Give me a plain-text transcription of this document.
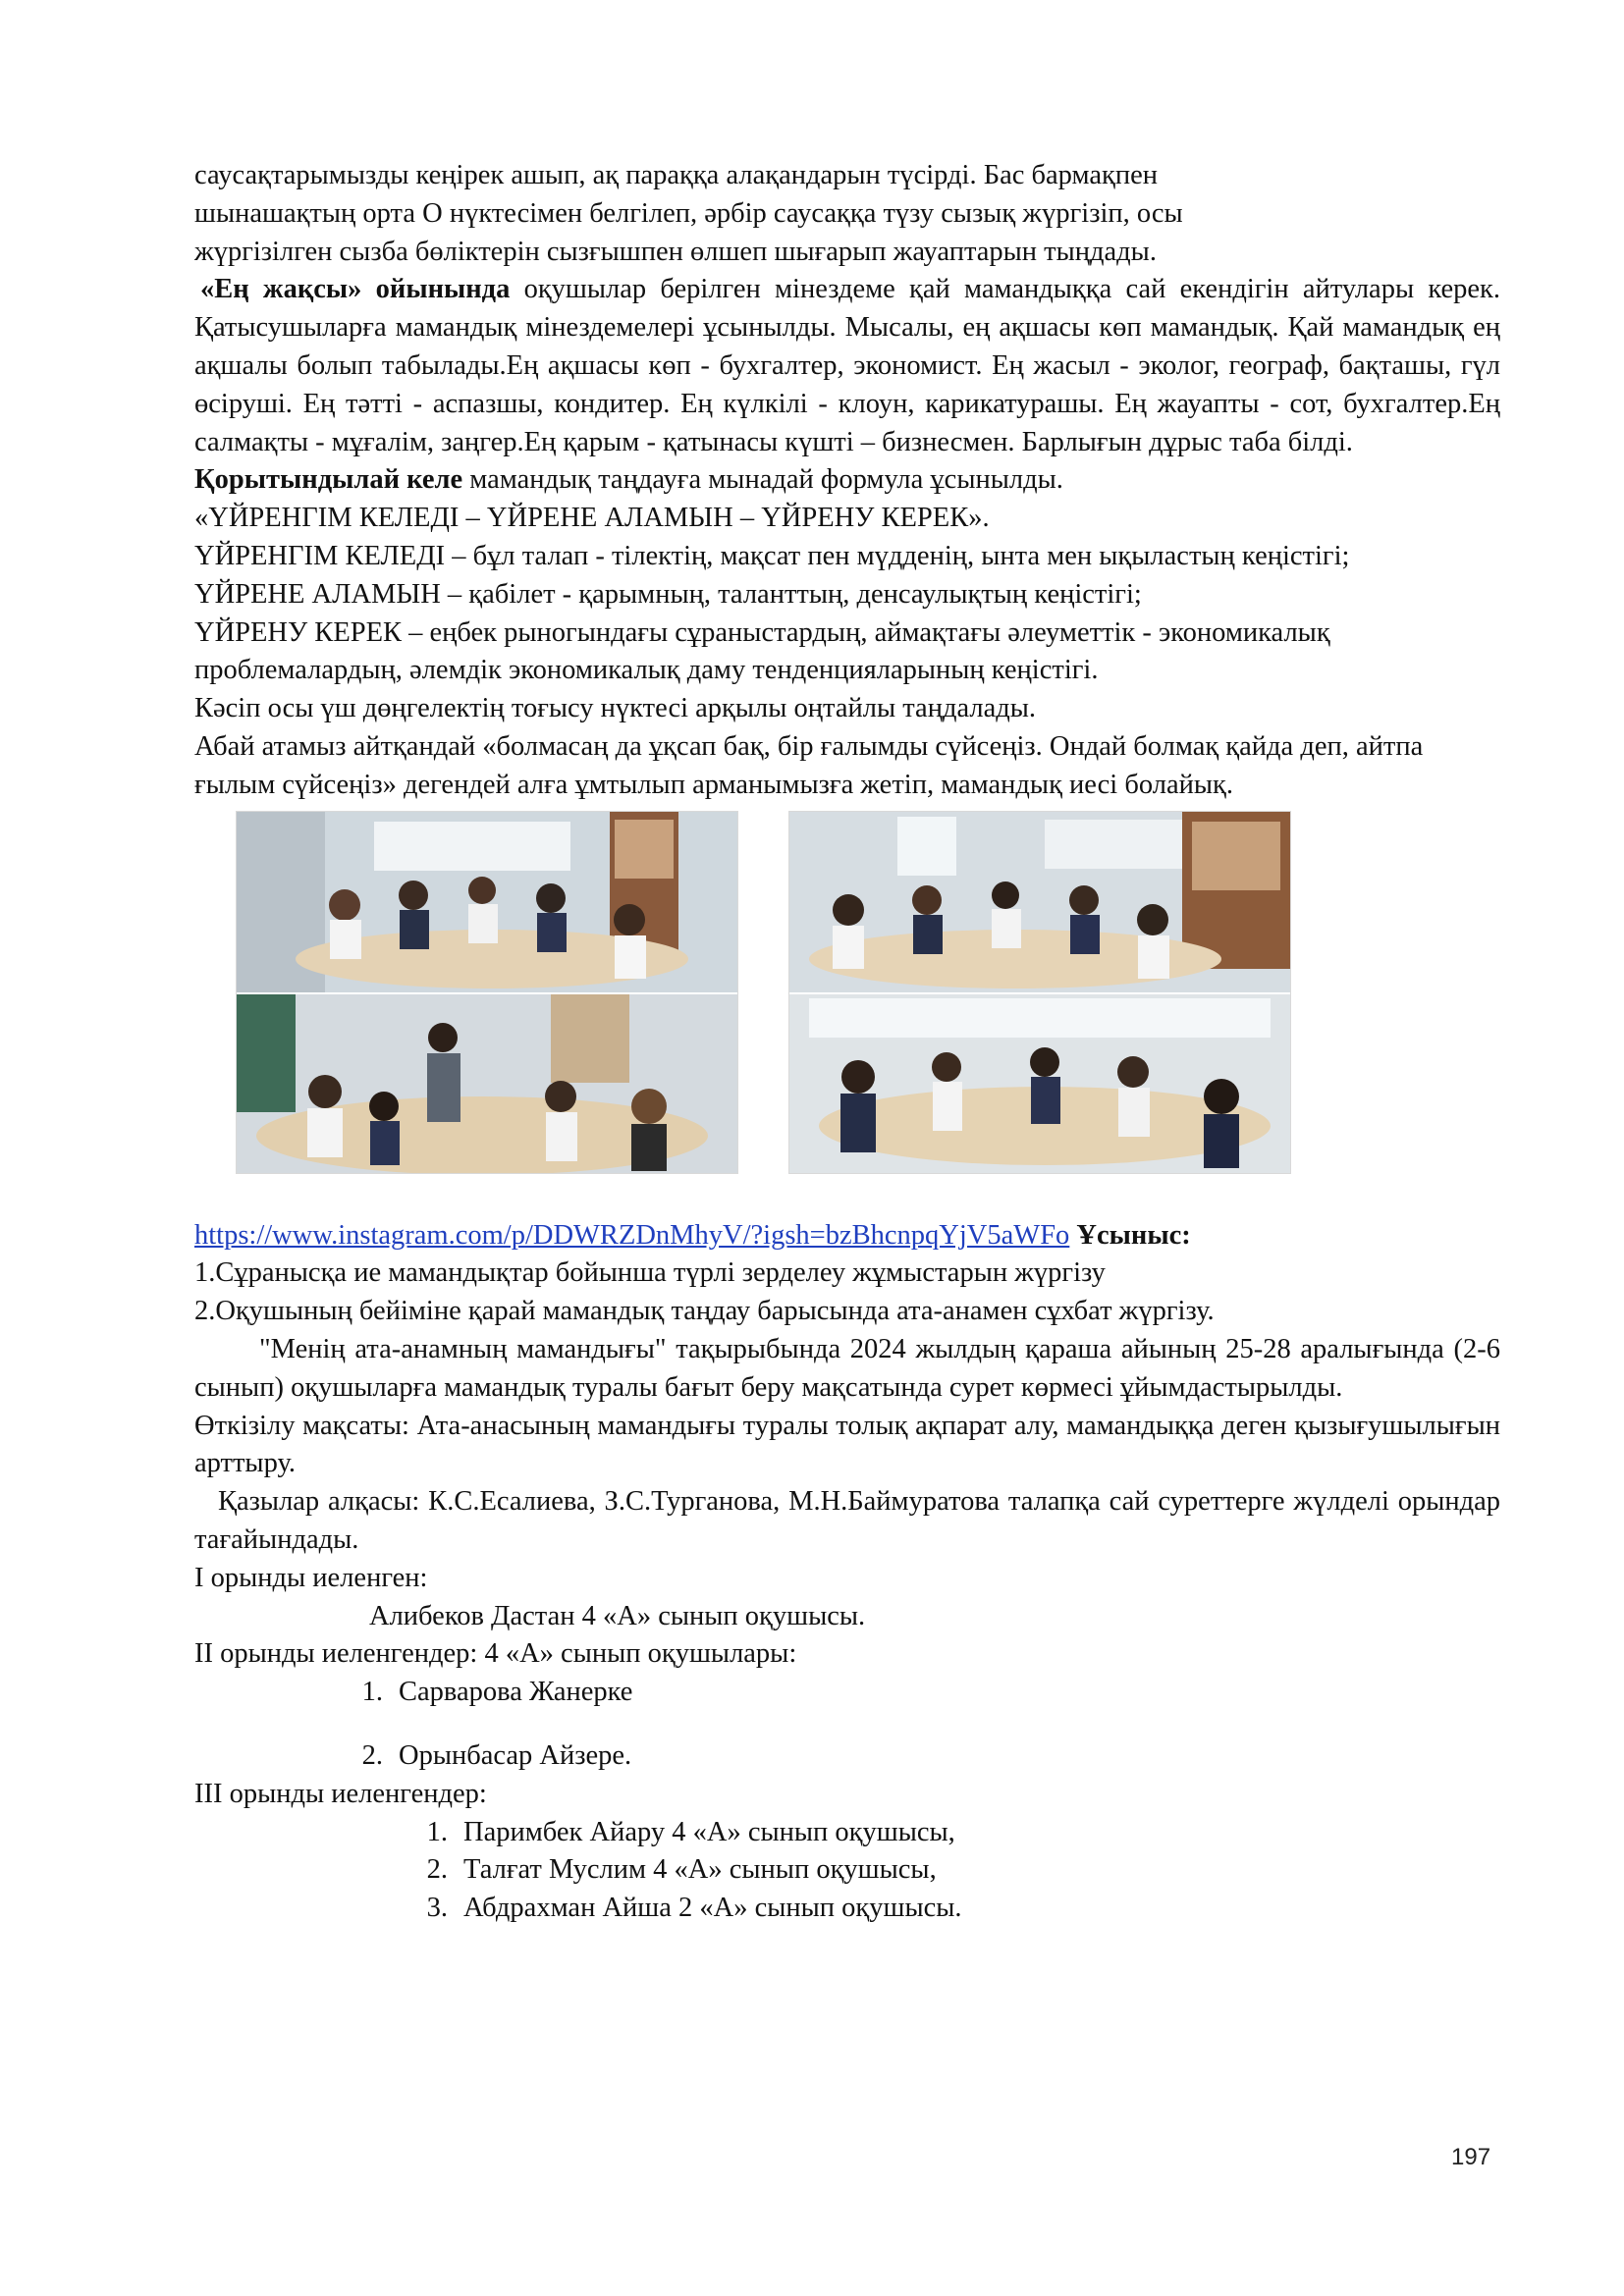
саусақтарымызды кеңірек ашып, ақ параққа алақандарын түсірді. Бас бармақпен

шынашақтың орта О нүктесімен белгілеп, әрбір саусаққа түзу сызық жүргізіп, осы

жүргізілген сызба бөліктерін сызғышпен өлшеп шығарып жауаптарын тыңдады.

«Ең жақсы» ойынында оқушылар берілген мінездеме қай мамандыққа сай екендігін айтулары керек. Қатысушыларға мамандық мінездемелері ұсынылды. Мысалы, ең ақшасы көп мамандық. Қай мамандық ең ақшалы болып табылады.Ең ақшасы көп - бухгалтер, экономист. Ең жасыл - эколог, географ, бақташы, гүл өсіруші. Ең тәтті - аспазшы, кондитер. Ең күлкілі - клоун, карикатурашы. Ең жауапты - сот, бухгалтер.Ең салмақты - мұғалім, заңгер.Ең қарым - қатынасы күшті – бизнесмен. Барлығын дұрыс таба білді.

Қорытындылай келе мамандық таңдауға мынадай формула ұсынылды.

«ҮЙРЕНГІМ КЕЛЕДІ – ҮЙРЕНЕ АЛАМЫН – ҮЙРЕНУ КЕРЕК».

ҮЙРЕНГІМ КЕЛЕДІ – бұл талап - тілектің, мақсат пен мүдденің, ынта мен ықыластың кеңістігі;

ҮЙРЕНЕ АЛАМЫН – қабілет - қарымның, таланттың, денсаулықтың кеңістігі;

ҮЙРЕНУ КЕРЕК – еңбек рыногындағы сұраныстардың, аймақтағы әлеуметтік - экономикалық проблемалардың, әлемдік экономикалық даму тенденцияларының кеңістігі.

Кәсіп осы үш дөңгелектің тоғысу нүктесі арқылы оңтайлы таңдалады.

Абай атамыз айтқандай «болмасаң да ұқсап бақ, бір ғалымды сүйсеңіз. Ондай болмақ қайда деп, айтпа ғылым сүйсеңіз» дегендей алға ұмтылып арманымызға жетіп, мамандық иесі болайық.

https://www.instagram.com/p/DDWRZDnMhyV/?igsh=bzBhcnpqYjV5aWFo Ұсыныс:

1.Сұранысқа ие мамандықтар бойынша түрлі зерделеу жұмыстарын жүргізу

2.Оқушының бейіміне қарай мамандық таңдау барысында ата-анамен сұхбат жүргізу.

"Менің ата-анамның мамандығы" тақырыбында 2024 жылдың қараша айының 25-28 аралығында (2-6 сынып) оқушыларға мамандық туралы бағыт беру мақсатында сурет көрмесі ұйымдастырылды.

Өткізілу мақсаты: Ата-анасының мамандығы туралы толық ақпарат алу, мамандыққа деген қызығушылығын арттыру.

Қазылар алқасы: К.С.Есалиева, З.С.Турганова, М.Н.Баймуратова талапқа сай суреттерге жүлделі орындар тағайындады.

І орынды иеленген:

Алибеков Дастан 4 «А» сынып оқушысы.

ІІ орынды иеленгендер: 4 «А» сынып оқушылары:

1. Сарварова Жанерке
2. Орынбасар Айзере.

ІІІ орынды иеленгендер:

1. Паримбек Айару 4 «А» сынып оқушысы,
2. Талғат Муслим 4 «А» сынып оқушысы,
3. Абдрахман Айша 2 «А» сынып оқушысы.
197
